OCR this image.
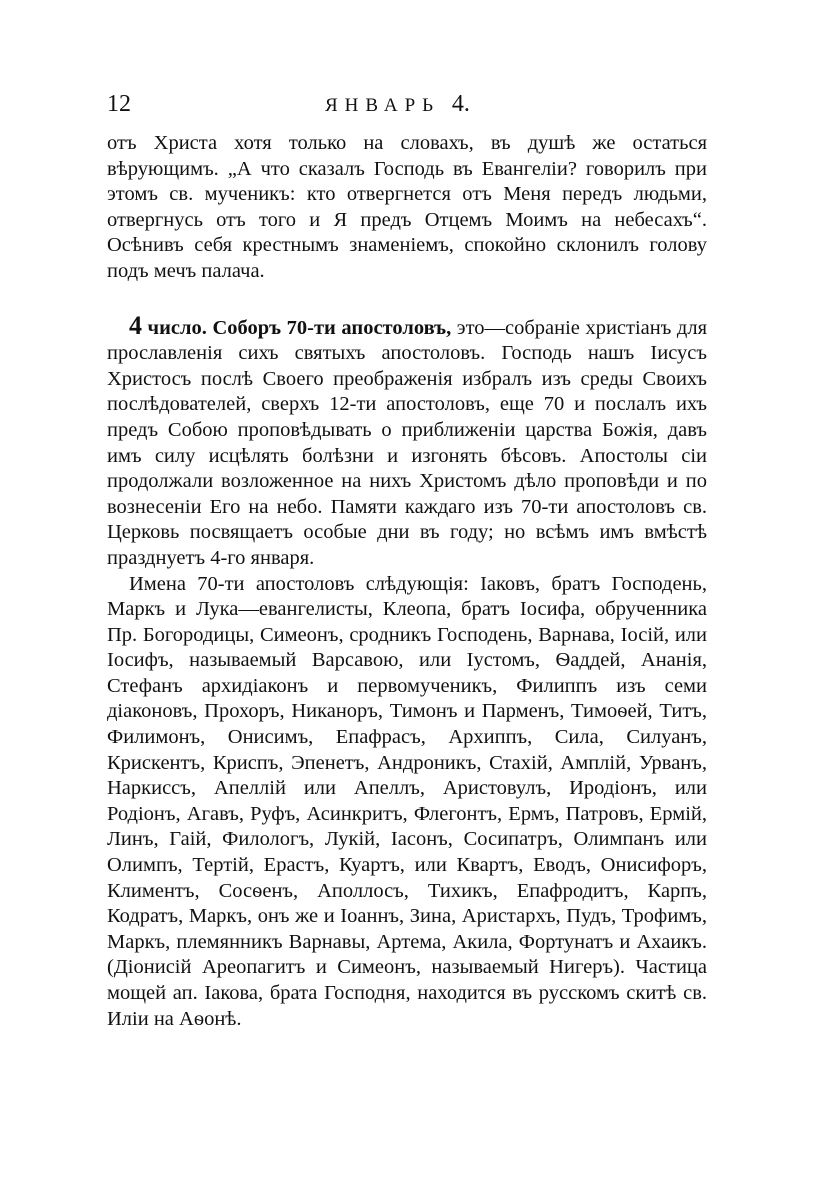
12	ЯНВАРЬ 4.

отъ Христа хотя только на словахъ, въ душѣ же остаться вѣрующимъ. „А что сказалъ Господь въ Евангеліи? говорилъ при этомъ св. мученикъ: кто отвергнется отъ Меня передъ людьми, отвергнусь отъ того и Я предъ Отцемъ Моимъ на небесахъ“. Осѣнивъ себя крестнымъ знаменіемъ, спокойно склонилъ голову подъ мечъ палача.

4 число. Соборъ 70-ти апостоловъ, это—собраніе христіанъ для прославленія сихъ святыхъ апостоловъ. Господь нашъ Іисусъ Христосъ послѣ Своего преображенія избралъ изъ среды Своихъ послѣдователей, сверхъ 12-ти апостоловъ, еще 70 и послалъ ихъ предъ Собою проповѣдывать о приближеніи царства Божія, давъ имъ силу исцѣлять болѣзни и изгонять бѣсовъ. Апостолы сіи продолжали возложенное на нихъ Христомъ дѣло проповѣди и по вознесеніи Его на небо. Памяти каждаго изъ 70-ти апостоловъ св. Церковь посвящаетъ особые дни въ году; но всѣмъ имъ вмѣстѣ празднуетъ 4-го января.

Имена 70-ти апостоловъ слѣдующія: Іаковъ, братъ Господень, Маркъ и Лука—евангелисты, Клеопа, братъ Іосифа, обрученника Пр. Богородицы, Симеонъ, сродникъ Господень, Варнава, Іосій, или Іосифъ, называемый Варсавою, или Іустомъ, Ѳаддей, Ананія, Стефанъ архидіаконъ и первомученикъ, Филиппъ изъ семи діаконовъ, Прохоръ, Никаноръ, Тимонъ и Парменъ, Тимоѳей, Титъ, Филимонъ, Онисимъ, Епафрасъ, Архиппъ, Сила, Силуанъ, Крискентъ, Криспъ, Эпенетъ, Андроникъ, Стахій, Амплій, Урванъ, Наркиссъ, Апеллій или Апеллъ, Аристовулъ, Иродіонъ, или Родіонъ, Агавъ, Руфъ, Асинкритъ, Флегонтъ, Ермъ, Патровъ, Ермій, Линъ, Гаій, Филологъ, Лукій, Іасонъ, Сосипатръ, Олимпанъ или Олимпъ, Тертій, Ерастъ, Куартъ, или Квартъ, Еводъ, Онисифоръ, Климентъ, Сосѳенъ, Аполлосъ, Тихикъ, Епафродитъ, Карпъ, Кодратъ, Маркъ, онъ же и Іоаннъ, Зина, Аристархъ, Пудъ, Трофимъ, Маркъ, племянникъ Варнавы, Артема, Акила, Фортунатъ и Ахаикъ. (Діонисій Ареопагитъ и Симеонъ, называемый Нигеръ). Частица мощей ап. Іакова, брата Господня, находится въ русскомъ скитѣ св. Иліи на Аѳонѣ.
